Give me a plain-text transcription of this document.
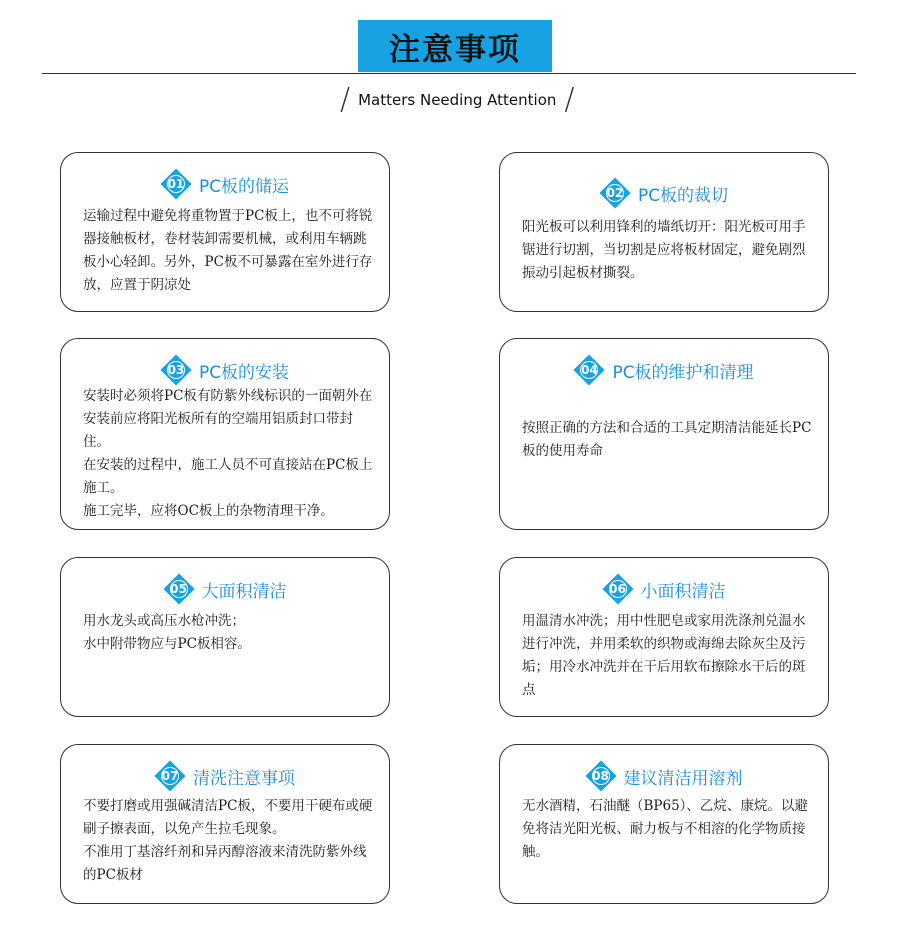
注意事项
/ Matters Needing Attention /
01 PC板的储运

运输过程中避免将重物置于PC板上，也不可将锐器接触板材，卷材装卸需要机械，或利用车辆跳板小心轻卸。另外，PC板不可暴露在室外进行存放，应置于阴凉处

02 PC板的裁切

阳光板可以利用锋利的墙纸切开：阳光板可用手锯进行切割，当切割是应将板材固定，避免剧烈振动引起板材撕裂。

03 PC板的安装

安装时必须将PC板有防紫外线标识的一面朝外在安装前应将阳光板所有的空端用铝质封口带封住。

在安装的过程中，施工人员不可直接站在PC板上施工。

施工完毕，应将OC板上的杂物清理干净。

04 PC板的维护和清理

按照正确的方法和合适的工具定期清洁能延长PC板的使用寿命

05 大面积清洁

用水龙头或高压水枪冲洗；

水中附带物应与PC板相容。

06 小面积清洁

用温清水冲洗；用中性肥皂或家用洗涤剂兑温水进行冲洗，并用柔软的织物或海绵去除灰尘及污垢；用冷水冲洗并在干后用软布擦除水干后的斑点

07 清洗注意事项

不要打磨或用强碱清洁PC板，不要用干硬布或硬刷子擦表面，以免产生拉毛现象。

不准用丁基溶纤剂和异丙醇溶液来清洗防紫外线的PC板材

08 建议清洁用溶剂

无水酒精，石油醚（BP65）、乙烷、康烷。以避免将洁光阳光板、耐力板与不相溶的化学物质接触。
